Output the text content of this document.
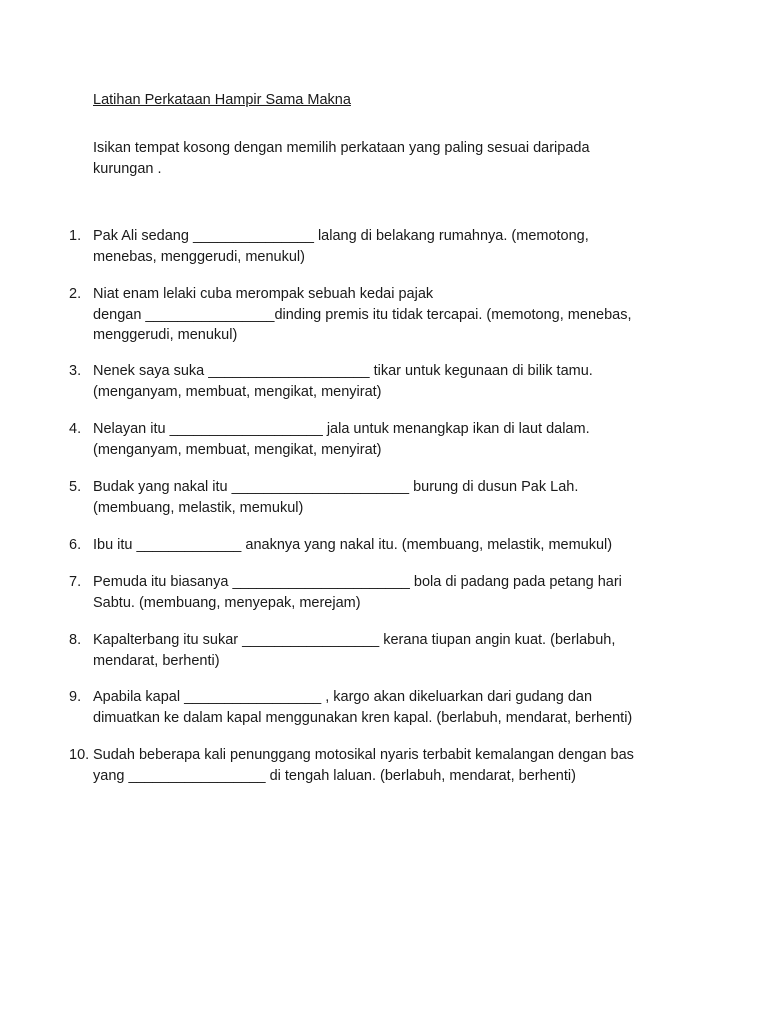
Latihan Perkataan Hampir Sama Makna
Isikan tempat kosong dengan memilih perkataan yang paling sesuai daripada kurungan .
1. Pak Ali sedang _______________ lalang di belakang rumahnya. (memotong,
menebas, menggerudi, menukul)
2. Niat enam lelaki cuba merompak sebuah kedai pajak
dengan ________________dinding premis itu tidak tercapai. (memotong, menebas,
menggerudi, menukul)
3. Nenek saya suka ____________________ tikar untuk kegunaan di bilik tamu.
(menganyam, membuat, mengikat, menyirat)
4. Nelayan itu ___________________ jala untuk menangkap ikan di laut dalam.
(menganyam, membuat, mengikat, menyirat)
5. Budak yang nakal itu ______________________ burung di dusun Pak Lah.
(membuang, melastik, memukul)
6. Ibu itu _____________ anaknya yang nakal itu. (membuang, melastik, memukul)
7. Pemuda itu biasanya ______________________ bola di padang pada petang hari
Sabtu. (membuang, menyepak, merejam)
8. Kapalterbang itu sukar _________________ kerana tiupan angin kuat. (berlabuh,
mendarat, berhenti)
9. Apabila kapal _________________ , kargo akan dikeluarkan dari gudang dan
dimuatkan ke dalam kapal menggunakan kren kapal. (berlabuh, mendarat, berhenti)
10. Sudah beberapa kali penunggang motosikal nyaris terbabit kemalangan dengan bas
yang _________________ di tengah laluan. (berlabuh, mendarat, berhenti)
